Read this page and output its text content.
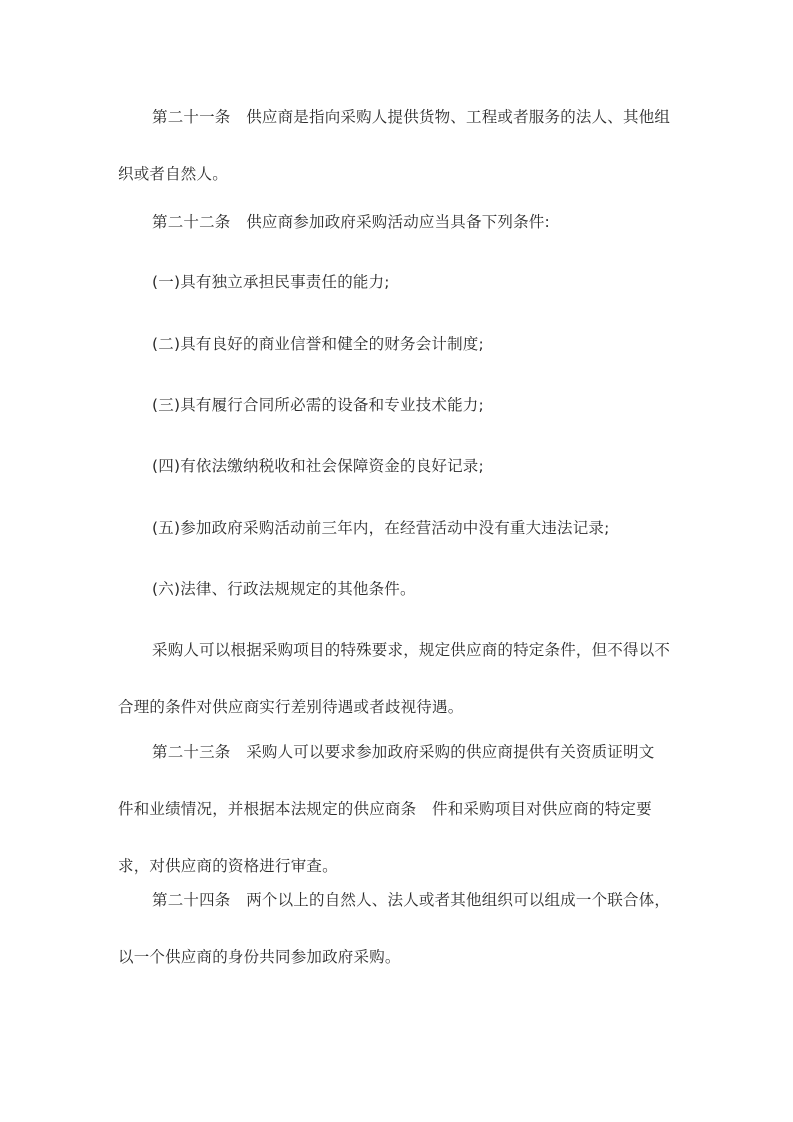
第二十一条　供应商是指向采购人提供货物、工程或者服务的法人、其他组
织或者自然人。

第二十二条　供应商参加政府采购活动应当具备下列条件:

(一)具有独立承担民事责任的能力;

(二)具有良好的商业信誉和健全的财务会计制度;

(三)具有履行合同所必需的设备和专业技术能力;

(四)有依法缴纳税收和社会保障资金的良好记录;

(五)参加政府采购活动前三年内，在经营活动中没有重大违法记录;

(六)法律、行政法规规定的其他条件。

采购人可以根据采购项目的特殊要求，规定供应商的特定条件，但不得以不
合理的条件对供应商实行差别待遇或者歧视待遇。

第二十三条　采购人可以要求参加政府采购的供应商提供有关资质证明文
件和业绩情况，并根据本法规定的供应商条　件和采购项目对供应商的特定要
求，对供应商的资格进行审查。

第二十四条　两个以上的自然人、法人或者其他组织可以组成一个联合体，
以一个供应商的身份共同参加政府采购。
